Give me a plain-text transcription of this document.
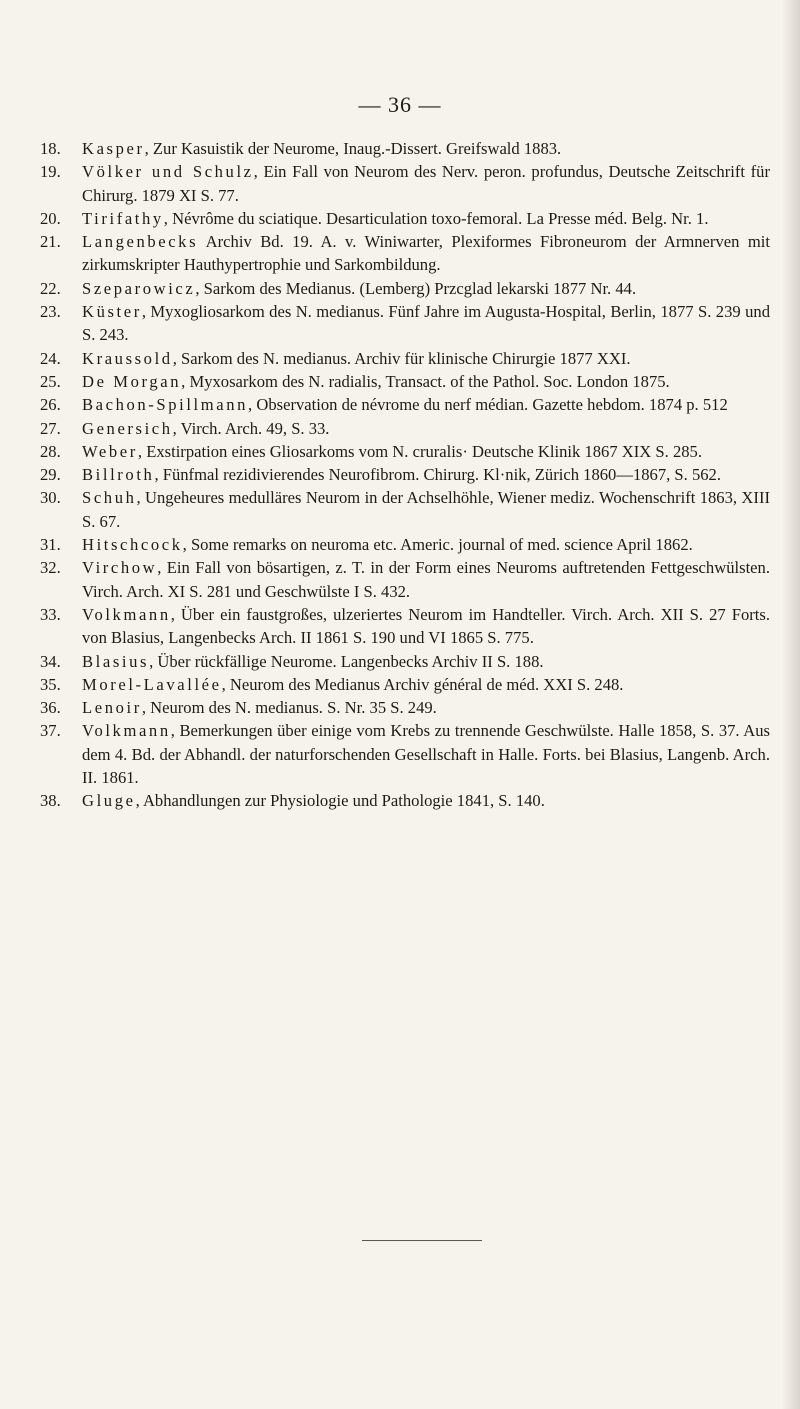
— 36 —
18. Kasper, Zur Kasuistik der Neurome, Inaug.-Dissert. Greifswald 1883.
19. Völker und Schulz, Ein Fall von Neurom des Nerv. peron. profundus, Deutsche Zeitschrift für Chirurg. 1879 XI S. 77.
20. Tirifathy, Névrôme du sciatique. Desarticulation toxo-femoral. La Presse méd. Belg. Nr. 1.
21. Langenbecks Archiv Bd. 19. A. v. Winiwarter, Plexiformes Fibroneurom der Armnerven mit zirkumskripter Hauthypertrophie und Sarkombildung.
22. Szeparowicz, Sarkom des Medianus. (Lemberg) Przcglad lekarski 1877 Nr. 44.
23. Küster, Myxogliosarkom des N. medianus. Fünf Jahre im Augusta-Hospital, Berlin, 1877 S. 239 und S. 243.
24. Kraussold, Sarkom des N. medianus. Archiv für klinische Chirurgie 1877 XXI.
25. De Morgan, Myxosarkom des N. radialis, Transact. of the Pathol. Soc. London 1875.
26. Bachon-Spillmann, Observation de névrome du nerf médian. Gazette hebdom. 1874 p. 512
27. Genersich, Virch. Arch. 49, S. 33.
28. Weber, Exstirpation eines Gliosarkoms vom N. cruralis· Deutsche Klinik 1867 XIX S. 285.
29. Billroth, Fünfmal rezidivierendes Neurofibrom. Chirurg. Kl·nik, Zürich 1860—1867, S. 562.
30. Schuh, Ungeheures medulläres Neurom in der Achselhöhle, Wiener mediz. Wochenschrift 1863, XIII S. 67.
31. Hitschcock, Some remarks on neuroma etc. Americ. journal of med. science April 1862.
32. Virchow, Ein Fall von bösartigen, z. T. in der Form eines Neuroms auftretenden Fettgeschwülsten. Virch. Arch. XI S. 281 und Geschwülste I S. 432.
33. Volkmann, Über ein faustgroßes, ulzeriertes Neurom im Handteller. Virch. Arch. XII S. 27 Forts. von Blasius, Langenbecks Arch. II 1861 S. 190 und VI 1865 S. 775.
34. Blasius, Über rückfällige Neurome. Langenbecks Archiv II S. 188.
35. Morel-Lavallée, Neurom des Medianus Archiv général de méd. XXI S. 248.
36. Lenoir, Neurom des N. medianus. S. Nr. 35 S. 249.
37. Volkmann, Bemerkungen über einige vom Krebs zu trennende Geschwülste. Halle 1858, S. 37. Aus dem 4. Bd. der Abhandl. der naturforschenden Gesellschaft in Halle. Forts. bei Blasius, Langenb. Arch. II. 1861.
38. Gluge, Abhandlungen zur Physiologie und Pathologie 1841, S. 140.
